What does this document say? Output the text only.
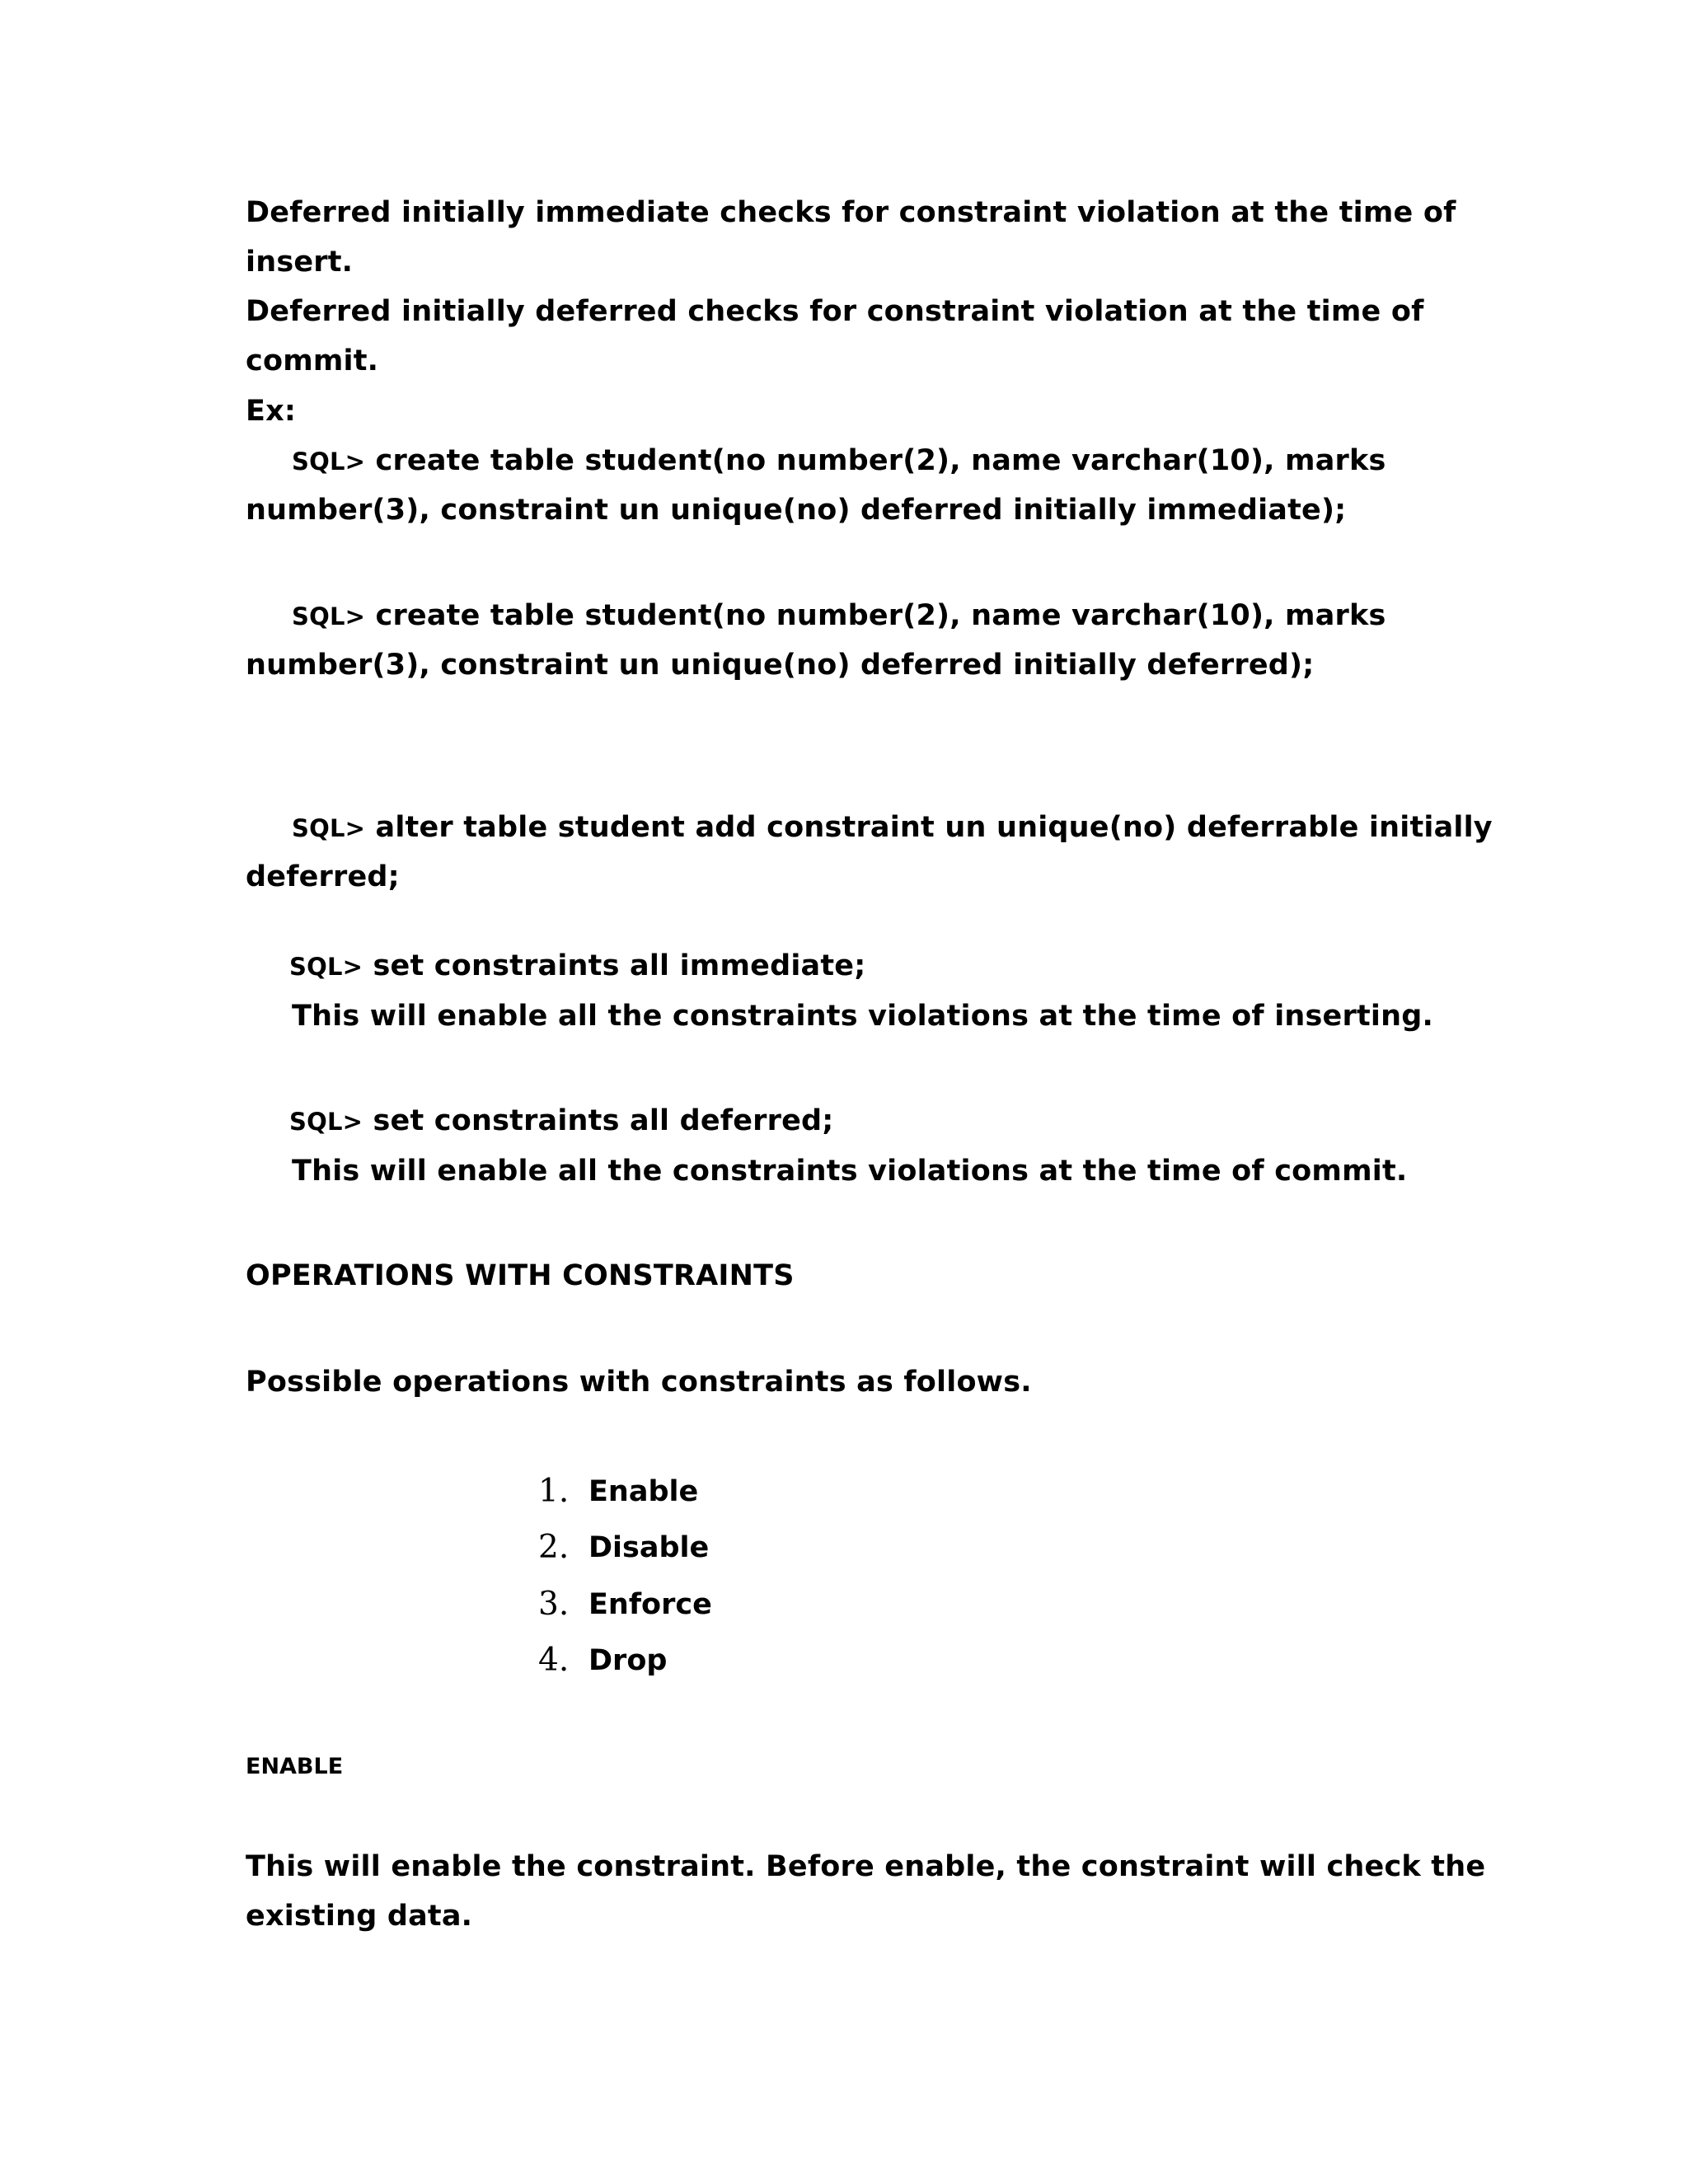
Deferred initially immediate checks for constraint violation at the time of
insert.
Deferred initially deferred checks for constraint violation at the time of
commit.
Ex:
SQL> create table student(no number(2), name varchar(10), marks
number(3), constraint un unique(no) deferred initially immediate);
SQL> create table student(no number(2), name varchar(10), marks
number(3), constraint un unique(no) deferred initially deferred);
SQL> alter table student add constraint un unique(no) deferrable initially
deferred;
SQL> set constraints all immediate;
This will enable all the constraints violations at the time of inserting.
SQL> set constraints all deferred;
This will enable all the constraints violations at the time of commit.
OPERATIONS WITH CONSTRAINTS
Possible operations with constraints as follows.
1. Enable
2. Disable
3. Enforce
4. Drop
ENABLE
This will enable the constraint. Before enable, the constraint will check the
existing data.
